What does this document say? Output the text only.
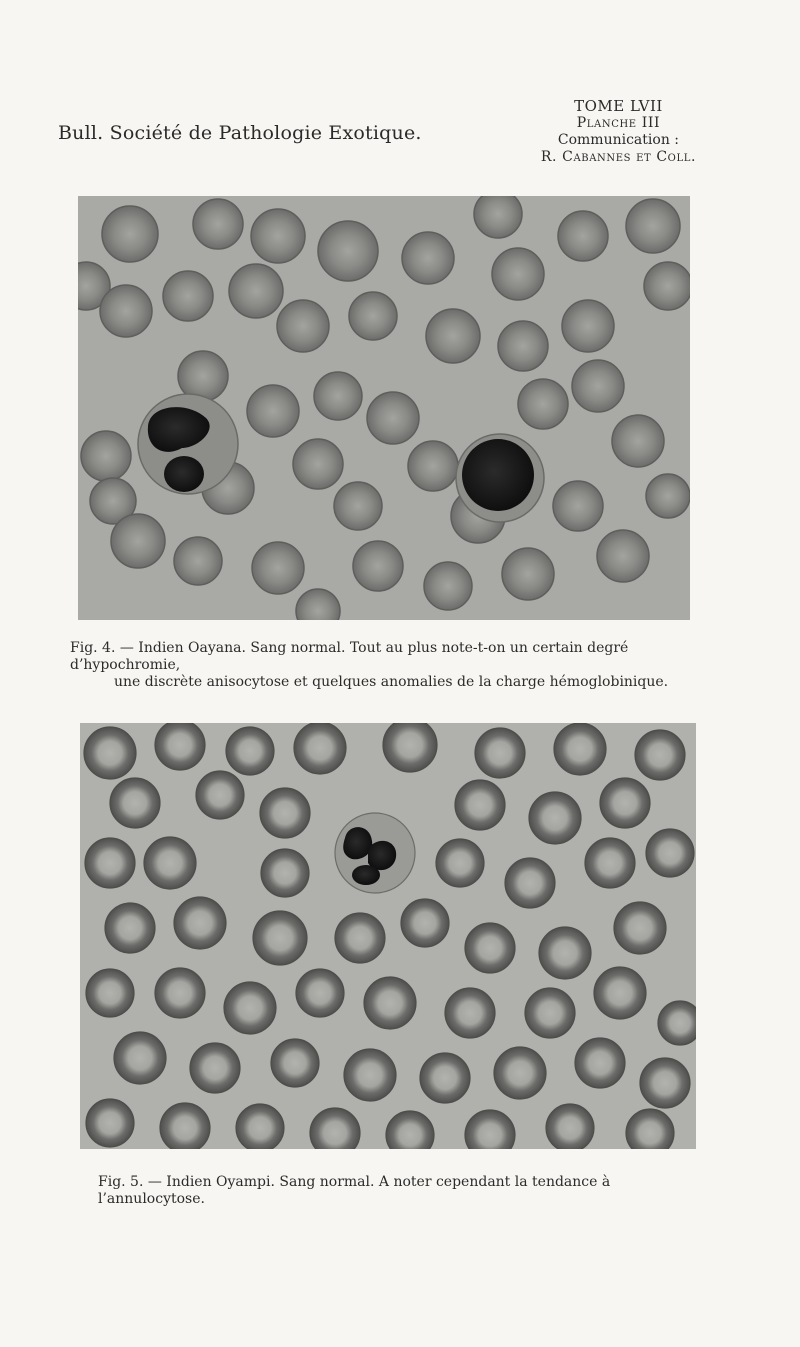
Bull. Société de Pathologie Exotique.
TOME LVII
Planche III
Communication :
R. Cabannes et Coll.
Fig. 4. — Indien Oayana. Sang normal. Tout au plus note-t-on un certain degré d’hypochromie,
une discrète anisocytose et quelques anomalies de la charge hémoglobinique.
Fig. 5. — Indien Oyampi. Sang normal. A noter cependant la tendance à l’annulocytose.
